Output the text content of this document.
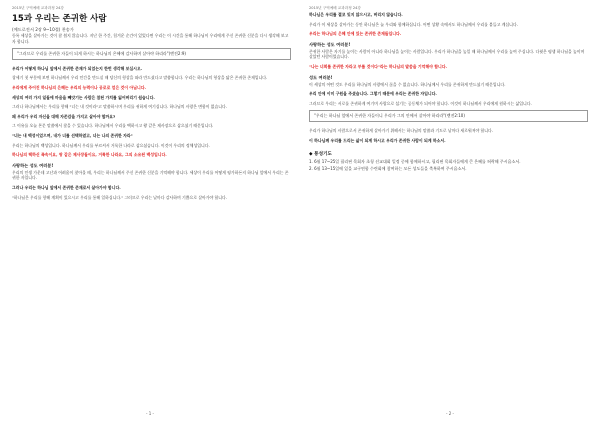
2015년 구역예배 교과과정 24강
15과 우리는 존귀한 사람
(예드로전서 2장 9~10절) 찬송가

등록 세상을 살아가는 것이 참 쉽지 않습니다. 지난 한 주간, 힘겨운 순간이 있었다면 우리는 이 시간을 통해 하나님이 우리에게 주신 존귀한 신분을 다시 생각해 보고자 합니다.

"그러므로 우리를 존귀한 자들이 되게 하시는 하나님의 은혜에 감사하며 살아야 하리라"(벧전2:9)

우리가 어떻게 하나님 앞에서 존귀한 존재가 되었는지 한번 생각해 보십시오.

창세기 첫 부분에 보면 하나님께서 우리 인간을 만드실 때 당신의 형상을 따라 만드셨다고 말씀합니다. 우리는 하나님의 형상을 닮은 존귀한 존재입니다.

우리에게 주어진 하나님의 은혜는 우리의 능력이나 공로로 얻은 것이 아닙니다.

세상의 여러 가지 일들에 마음을 빼앗기는 사람은 참된 가치를 잃어버리기 쉽습니다.

그러나 하나님께서는 우리를 향해 "너는 내 것이라"고 말씀하시며 우리를 귀하게 여기십니다. 하나님의 사랑은 변함이 없습니다.

왜 우리가 우리 자신을 대해 자존감을 가지고 살아야 할까요?

그 이유를 오늘 본문 말씀에서 찾을 수 있습니다. 하나님께서 우리를 택하시고 왕 같은 제사장으로 삼으셨기 때문입니다.

"너는 내 백성이었으며, 내가 너를 선택하였고, 너는 나의 존귀한 자라"

우리는 하나님의 백성입니다. 하나님께서 우리를 부르셔서 거룩한 나라로 삼으셨습니다. 이것이 우리의 정체성입니다.

하나님의 택하신 족속이요, 왕 같은 제사장들이요, 거룩한 나라요, 그의 소유된 백성입니다.

사랑하는 성도 여러분!

우리의 인생 가운데 고난과 어려움이 찾아올 때, 우리는 하나님께서 주신 존귀한 신분을 기억해야 합니다. 세상이 우리를 어떻게 평가하든지 하나님 앞에서 우리는 존귀한 자입니다.

그러나 우리는 하나님 앞에서 존귀한 존재로서 살아가야 합니다.

"하나님은 우리를 향해 계획이 있으시고 우리를 통해 일하십니다." 그러므로 우리는 날마다 감사하며 기쁨으로 살아가야 합니다.

- 1 -
2015년 구역예배 교과과정 24강

하나님은 우리를 결코 잊지 않으시고, 버리지 않습니다.

우리가 이 세상을 살아가는 동안 하나님은 늘 우리와 함께하십니다. 어떤 상황 속에서도 하나님께서 우리를 붙들고 계십니다.

우리는 하나님의 은혜 안에 있는 존귀한 존재들입니다.

사랑하는 성도 여러분!

존귀한 사람은 자기를 높이는 사람이 아니라 하나님을 높이는 사람입니다. 우리가 하나님을 높일 때 하나님께서 우리를 높여 주십니다. 다윗은 평생 하나님을 높이며 살았던 사람이었습니다.

"나는 너희를 존귀한 자라고 부를 것이다"라는 하나님의 말씀을 기억해야 합니다.

성도 여러분!

이 세상의 어떤 것도 우리를 하나님의 사랑에서 끊을 수 없습니다. 하나님께서 우리를 존귀하게 만드셨기 때문입니다.

우리 안에 이미 구원을 주셨습니다. 그렇기 때문에 우리는 존귀한 자입니다.

그러므로 우리는 서로를 존귀하게 여기며 사랑으로 섬기는 공동체가 되어야 합니다. 이것이 하나님께서 우리에게 원하시는 삶입니다.

"우리는 하나님 앞에서 존귀한 자들이니 우리가 그의 안에서 살아야 하리라"(벧전2:10)

우리가 하나님의 사람으로서 존귀하게 살아가기 위해서는 하나님의 말씀과 기도로 날마다 새로워져야 합니다.

이 하나님께 우리를 드리는 삶이 되게 하시고 우리가 존귀한 사람이 되게 하소서.

◆ 통성기도
1. 6월 17~25일 필리핀 목회자 초청 선교대회 일정 중에 함께하시고, 필리핀 목회자들에게 큰 은혜를 허락해 주시옵소서.
2. 6월 13~15일에 있을 교구연합 수련회에 참여하는 모든 성도들을 축복하여 주시옵소서.
- 2 -
